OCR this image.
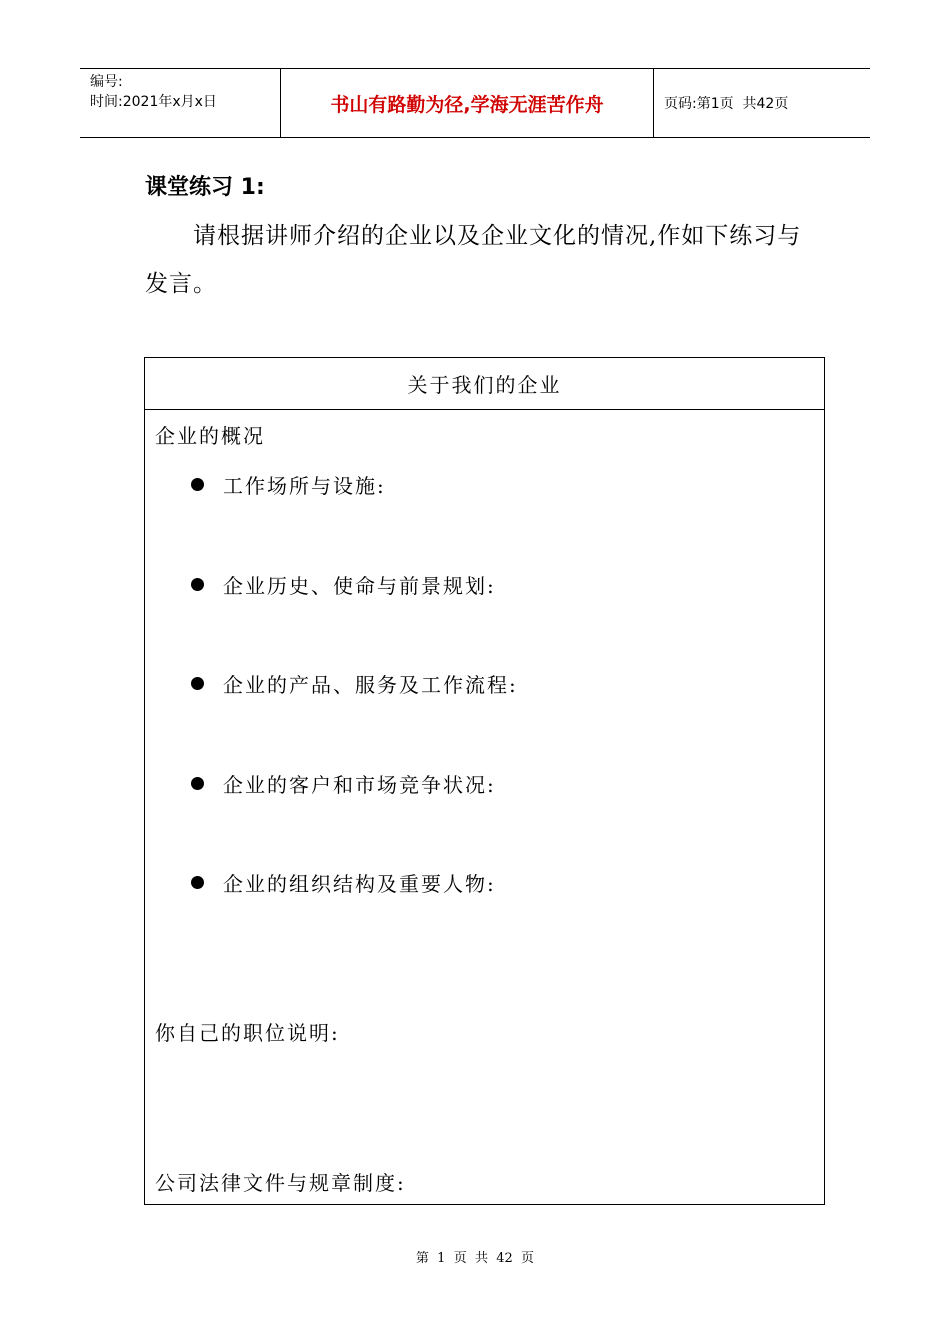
编号:
时间:2021年x月x日	书山有路勤为径,学海无涯苦作舟	页码:第1页  共42页
课堂练习 1:
请根据讲师介绍的企业以及企业文化的情况,作如下练习与发言。
关于我们的企业
企业的概况
工作场所与设施:
企业历史、使命与前景规划:
企业的产品、服务及工作流程:
企业的客户和市场竞争状况:
企业的组织结构及重要人物:
你自己的职位说明:
公司法律文件与规章制度:
第  1  页  共  42  页
